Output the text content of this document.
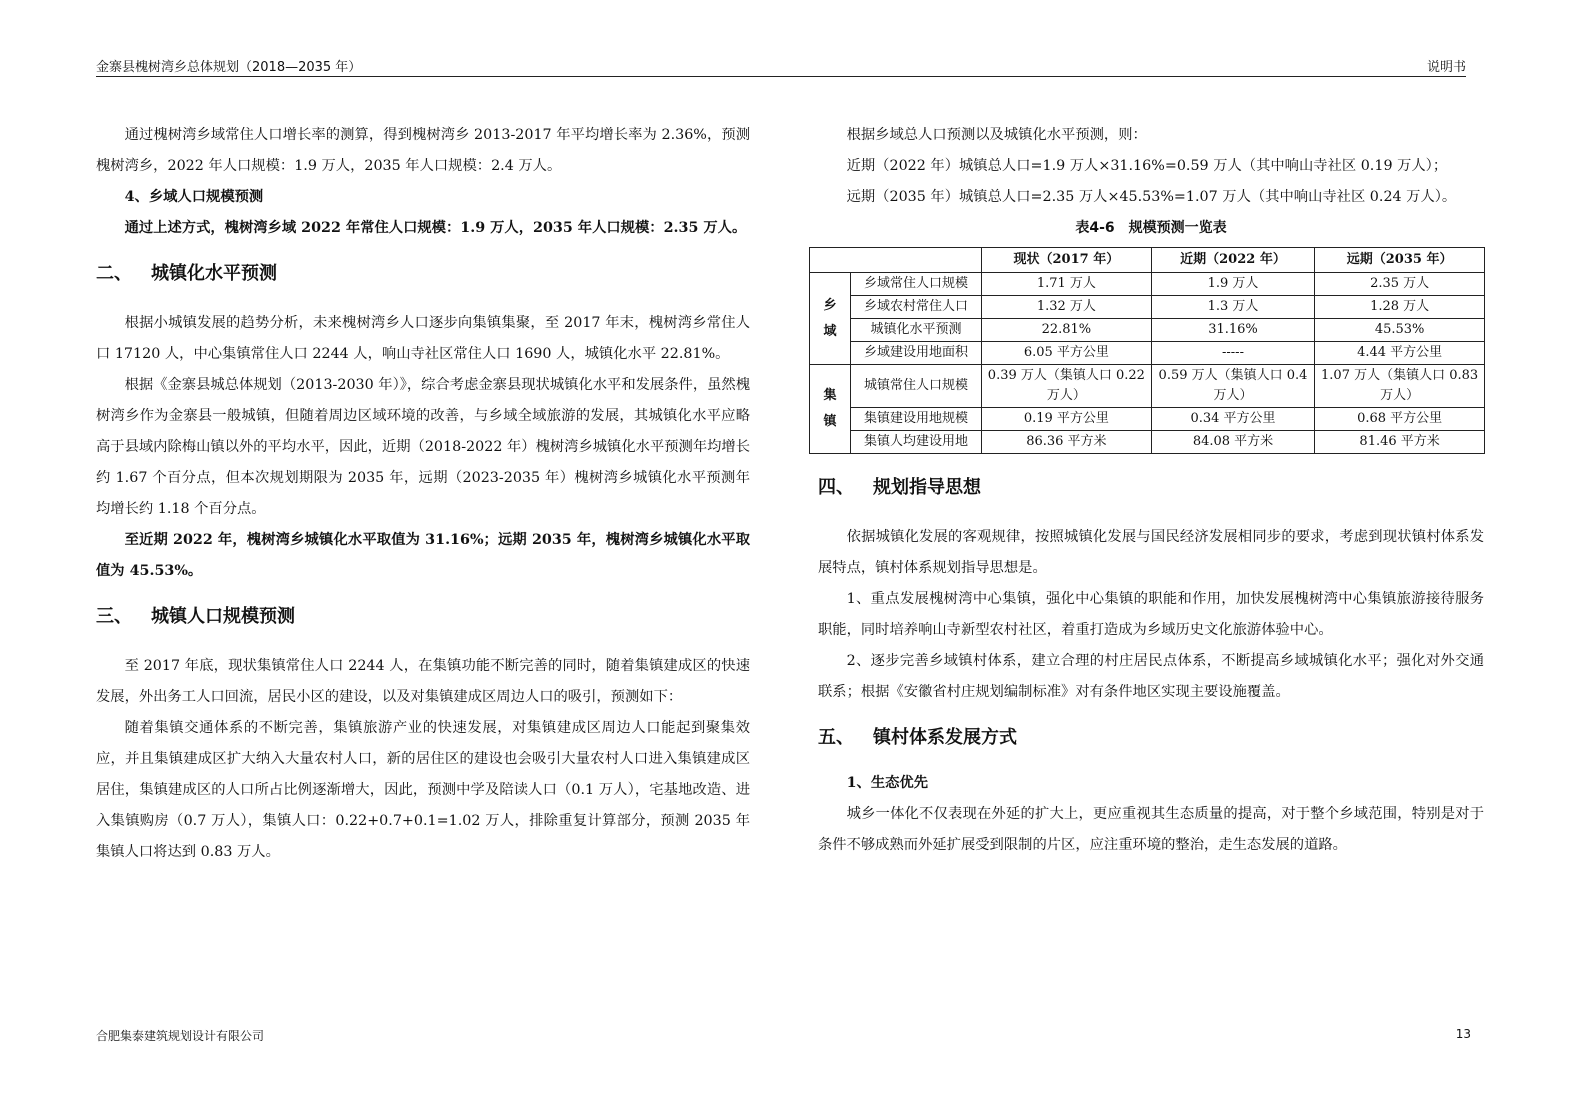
金寨县槐树湾乡总体规划（2018—2035 年）	说明书

通过槐树湾乡域常住人口增长率的测算，得到槐树湾乡 2013-2017 年平均增长率为 2.36%，预测槐树湾乡，2022 年人口规模：1.9 万人，2035 年人口规模：2.4 万人。

4、乡域人口规模预测

通过上述方式，槐树湾乡域 2022 年常住人口规模：1.9 万人，2035 年人口规模：2.35 万人。

二、 城镇化水平预测

根据小城镇发展的趋势分析，未来槐树湾乡人口逐步向集镇集聚，至 2017 年末，槐树湾乡常住人口 17120 人，中心集镇常住人口 2244 人，响山寺社区常住人口 1690 人，城镇化水平 22.81%。

根据《金寨县城总体规划（2013-2030 年）》，综合考虑金寨县现状城镇化水平和发展条件，虽然槐树湾乡作为金寨县一般城镇，但随着周边区域环境的改善，与乡域全域旅游的发展，其城镇化水平应略高于县域内除梅山镇以外的平均水平，因此，近期（2018-2022 年）槐树湾乡城镇化水平预测年均增长约 1.67 个百分点，但本次规划期限为 2035 年，远期（2023-2035 年）槐树湾乡城镇化水平预测年均增长约 1.18 个百分点。

至近期 2022 年，槐树湾乡城镇化水平取值为 31.16%；远期 2035 年，槐树湾乡城镇化水平取值为 45.53%。

三、 城镇人口规模预测

至 2017 年底，现状集镇常住人口 2244 人，在集镇功能不断完善的同时，随着集镇建成区的快速发展，外出务工人口回流，居民小区的建设，以及对集镇建成区周边人口的吸引，预测如下：

随着集镇交通体系的不断完善，集镇旅游产业的快速发展，对集镇建成区周边人口能起到聚集效应，并且集镇建成区扩大纳入大量农村人口，新的居住区的建设也会吸引大量农村人口进入集镇建成区居住，集镇建成区的人口所占比例逐渐增大，因此，预测中学及陪读人口（0.1 万人），宅基地改造、进入集镇购房（0.7 万人），集镇人口：0.22+0.7+0.1=1.02 万人，排除重复计算部分，预测 2035 年集镇人口将达到 0.83 万人。

根据乡域总人口预测以及城镇化水平预测，则：

近期（2022 年）城镇总人口=1.9 万人×31.16%=0.59 万人（其中响山寺社区 0.19 万人）；

远期（2035 年）城镇总人口=2.35 万人×45.53%=1.07 万人（其中响山寺社区 0.24 万人）。

表4-6　规模预测一览表
		现状（2017 年）	近期（2022 年）	远期（2035 年）
乡域	乡域常住人口规模	1.71 万人	1.9 万人	2.35 万人
	乡域农村常住人口	1.32 万人	1.3 万人	1.28 万人
	城镇化水平预测	22.81%	31.16%	45.53%
	乡域建设用地面积	6.05 平方公里	-----	4.44 平方公里
集镇	城镇常住人口规模	0.39 万人（集镇人口 0.22 万人）	0.59 万人（集镇人口 0.4 万人）	1.07 万人（集镇人口 0.83 万人）
	集镇建设用地规模	0.19 平方公里	0.34 平方公里	0.68 平方公里
	集镇人均建设用地	86.36 平方米	84.08 平方米	81.46 平方米
四、 规划指导思想

依据城镇化发展的客观规律，按照城镇化发展与国民经济发展相同步的要求，考虑到现状镇村体系发展特点，镇村体系规划指导思想是。

1、重点发展槐树湾中心集镇，强化中心集镇的职能和作用，加快发展槐树湾中心集镇旅游接待服务职能，同时培养响山寺新型农村社区，着重打造成为乡域历史文化旅游体验中心。

2、逐步完善乡域镇村体系，建立合理的村庄居民点体系，不断提高乡域城镇化水平；强化对外交通联系；根据《安徽省村庄规划编制标准》对有条件地区实现主要设施覆盖。

五、 镇村体系发展方式

1、生态优先

城乡一体化不仅表现在外延的扩大上，更应重视其生态质量的提高，对于整个乡域范围，特别是对于条件不够成熟而外延扩展受到限制的片区，应注重环境的整治，走生态发展的道路。

合肥集泰建筑规划设计有限公司	13
